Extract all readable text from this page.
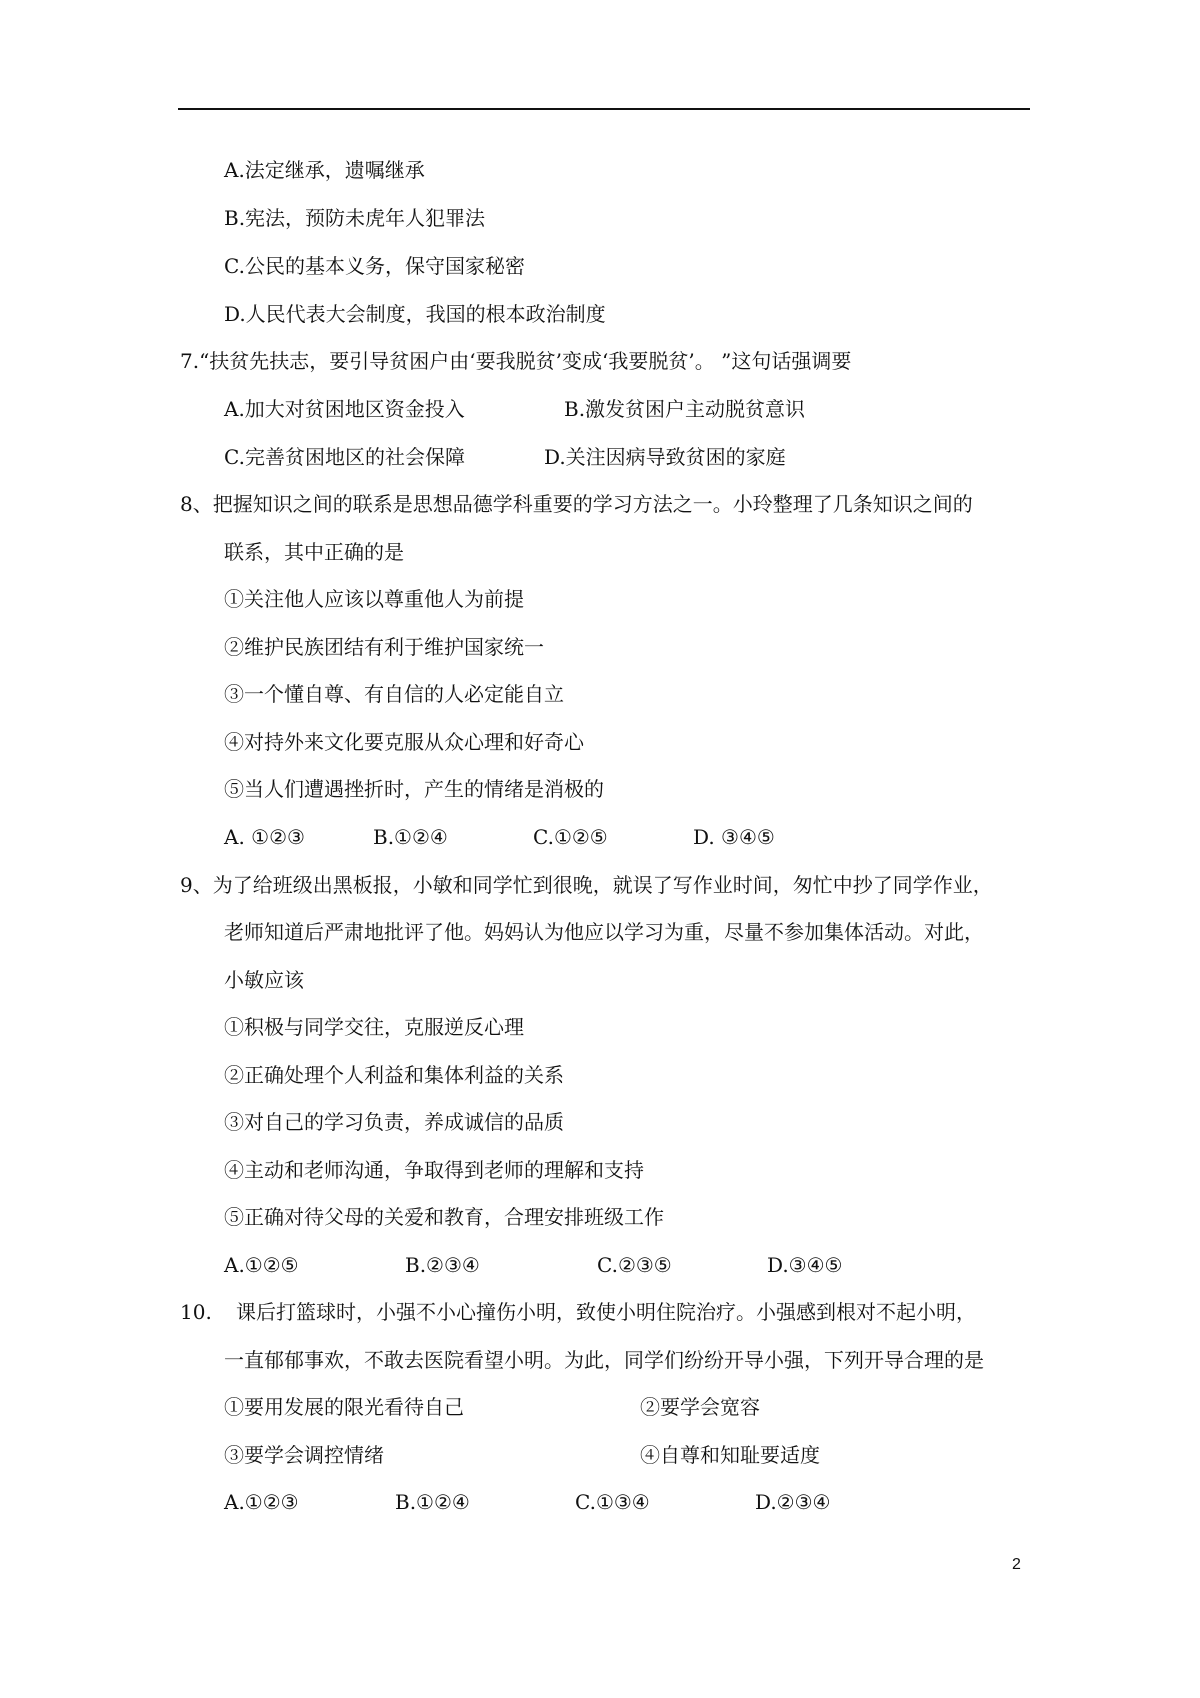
A.法定继承，遗嘱继承
B.宪法，预防未虎年人犯罪法
C.公民的基本义务，保守国家秘密
D.人民代表大会制度，我国的根本政治制度
7.“扶贫先扶志，要引导贫困户由‘要我脱贫’变成‘我要脱贫’。 ”这句话强调要
A.加大对贫困地区资金投入	B.激发贫困户主动脱贫意识
C.完善贫困地区的社会保障	D.关注因病导致贫困的家庭
8、把握知识之间的联系是思想品德学科重要的学习方法之一。小玲整理了几条知识之间的
联系，其中正确的是
①关注他人应该以尊重他人为前提
②维护民族团结有利于维护国家统一
③一个懂自尊、有自信的人必定能自立
④对持外来文化要克服从众心理和好奇心
⑤当人们遭遇挫折时，产生的情绪是消极的
A. ①②③	B.①②④	C.①②⑤	D. ③④⑤
9、为了给班级出黑板报，小敏和同学忙到很晚，就误了写作业时间，匆忙中抄了同学作业，
老师知道后严肃地批评了他。妈妈认为他应以学习为重，尽量不参加集体活动。对此，
小敏应该
①积极与同学交往，克服逆反心理
②正确处理个人利益和集体利益的关系
③对自己的学习负责，养成诚信的品质
④主动和老师沟通，争取得到老师的理解和支持
⑤正确对待父母的关爱和教育，合理安排班级工作
A.①②⑤	B.②③④	C.②③⑤	D.③④⑤
10. 课后打篮球时，小强不小心撞伤小明，致使小明住院治疗。小强感到根对不起小明，
一直郁郁事欢，不敢去医院看望小明。为此，同学们纷纷开导小强，下列开导合理的是
①要用发展的限光看待自己	②要学会宽容
③要学会调控情绪	④自尊和知耻要适度
A.①②③	B.①②④	C.①③④	D.②③④
2
